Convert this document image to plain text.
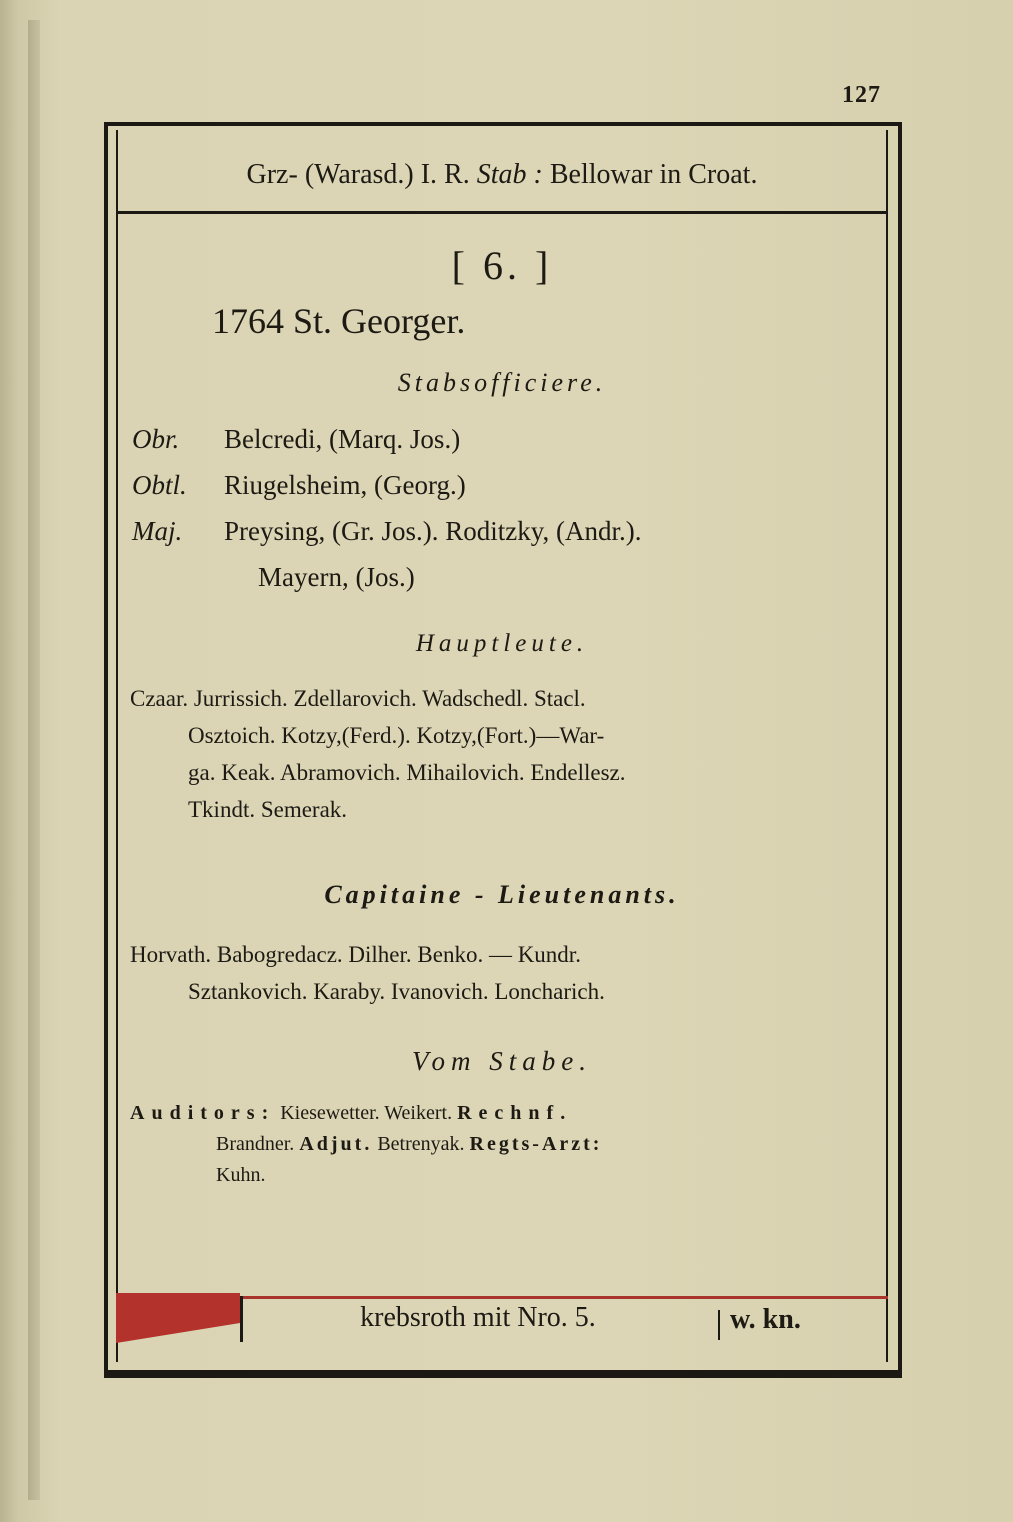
127
Grz- (Warasd.) I. R.
Stab :
Bellowar in Croat.
[ 6. ]
1764 St. Georger.
Stabsofficiere.
Obr. Belcredi, (Marq. Jos.)
Obtl. Riugelsheim, (Georg.)
Maj. Preysing, (Gr. Jos.). Roditzky, (Andr.).
Mayern, (Jos.)
Hauptleute.
Czaar. Jurrissich. Zdellarovich. Wadschedl. Stacl.
Osztoich. Kotzy,(Ferd.). Kotzy,(Fort.)—War-
ga. Keak. Abramovich. Mihailovich. Endellesz.
Tkindt. Semerak.
Capitaine - Lieutenants.
Horvath. Babogredacz. Dilher. Benko. — Kundr.
Sztankovich. Karaby. Ivanovich. Loncharich.
Vom Stabe.
Auditors: Kiesewetter. Weikert. Rechnf.
Brandner. Adjut. Betrenyak. Regts-Arzt:
Kuhn.
krebsroth mit Nro. 5.	w. kn.
